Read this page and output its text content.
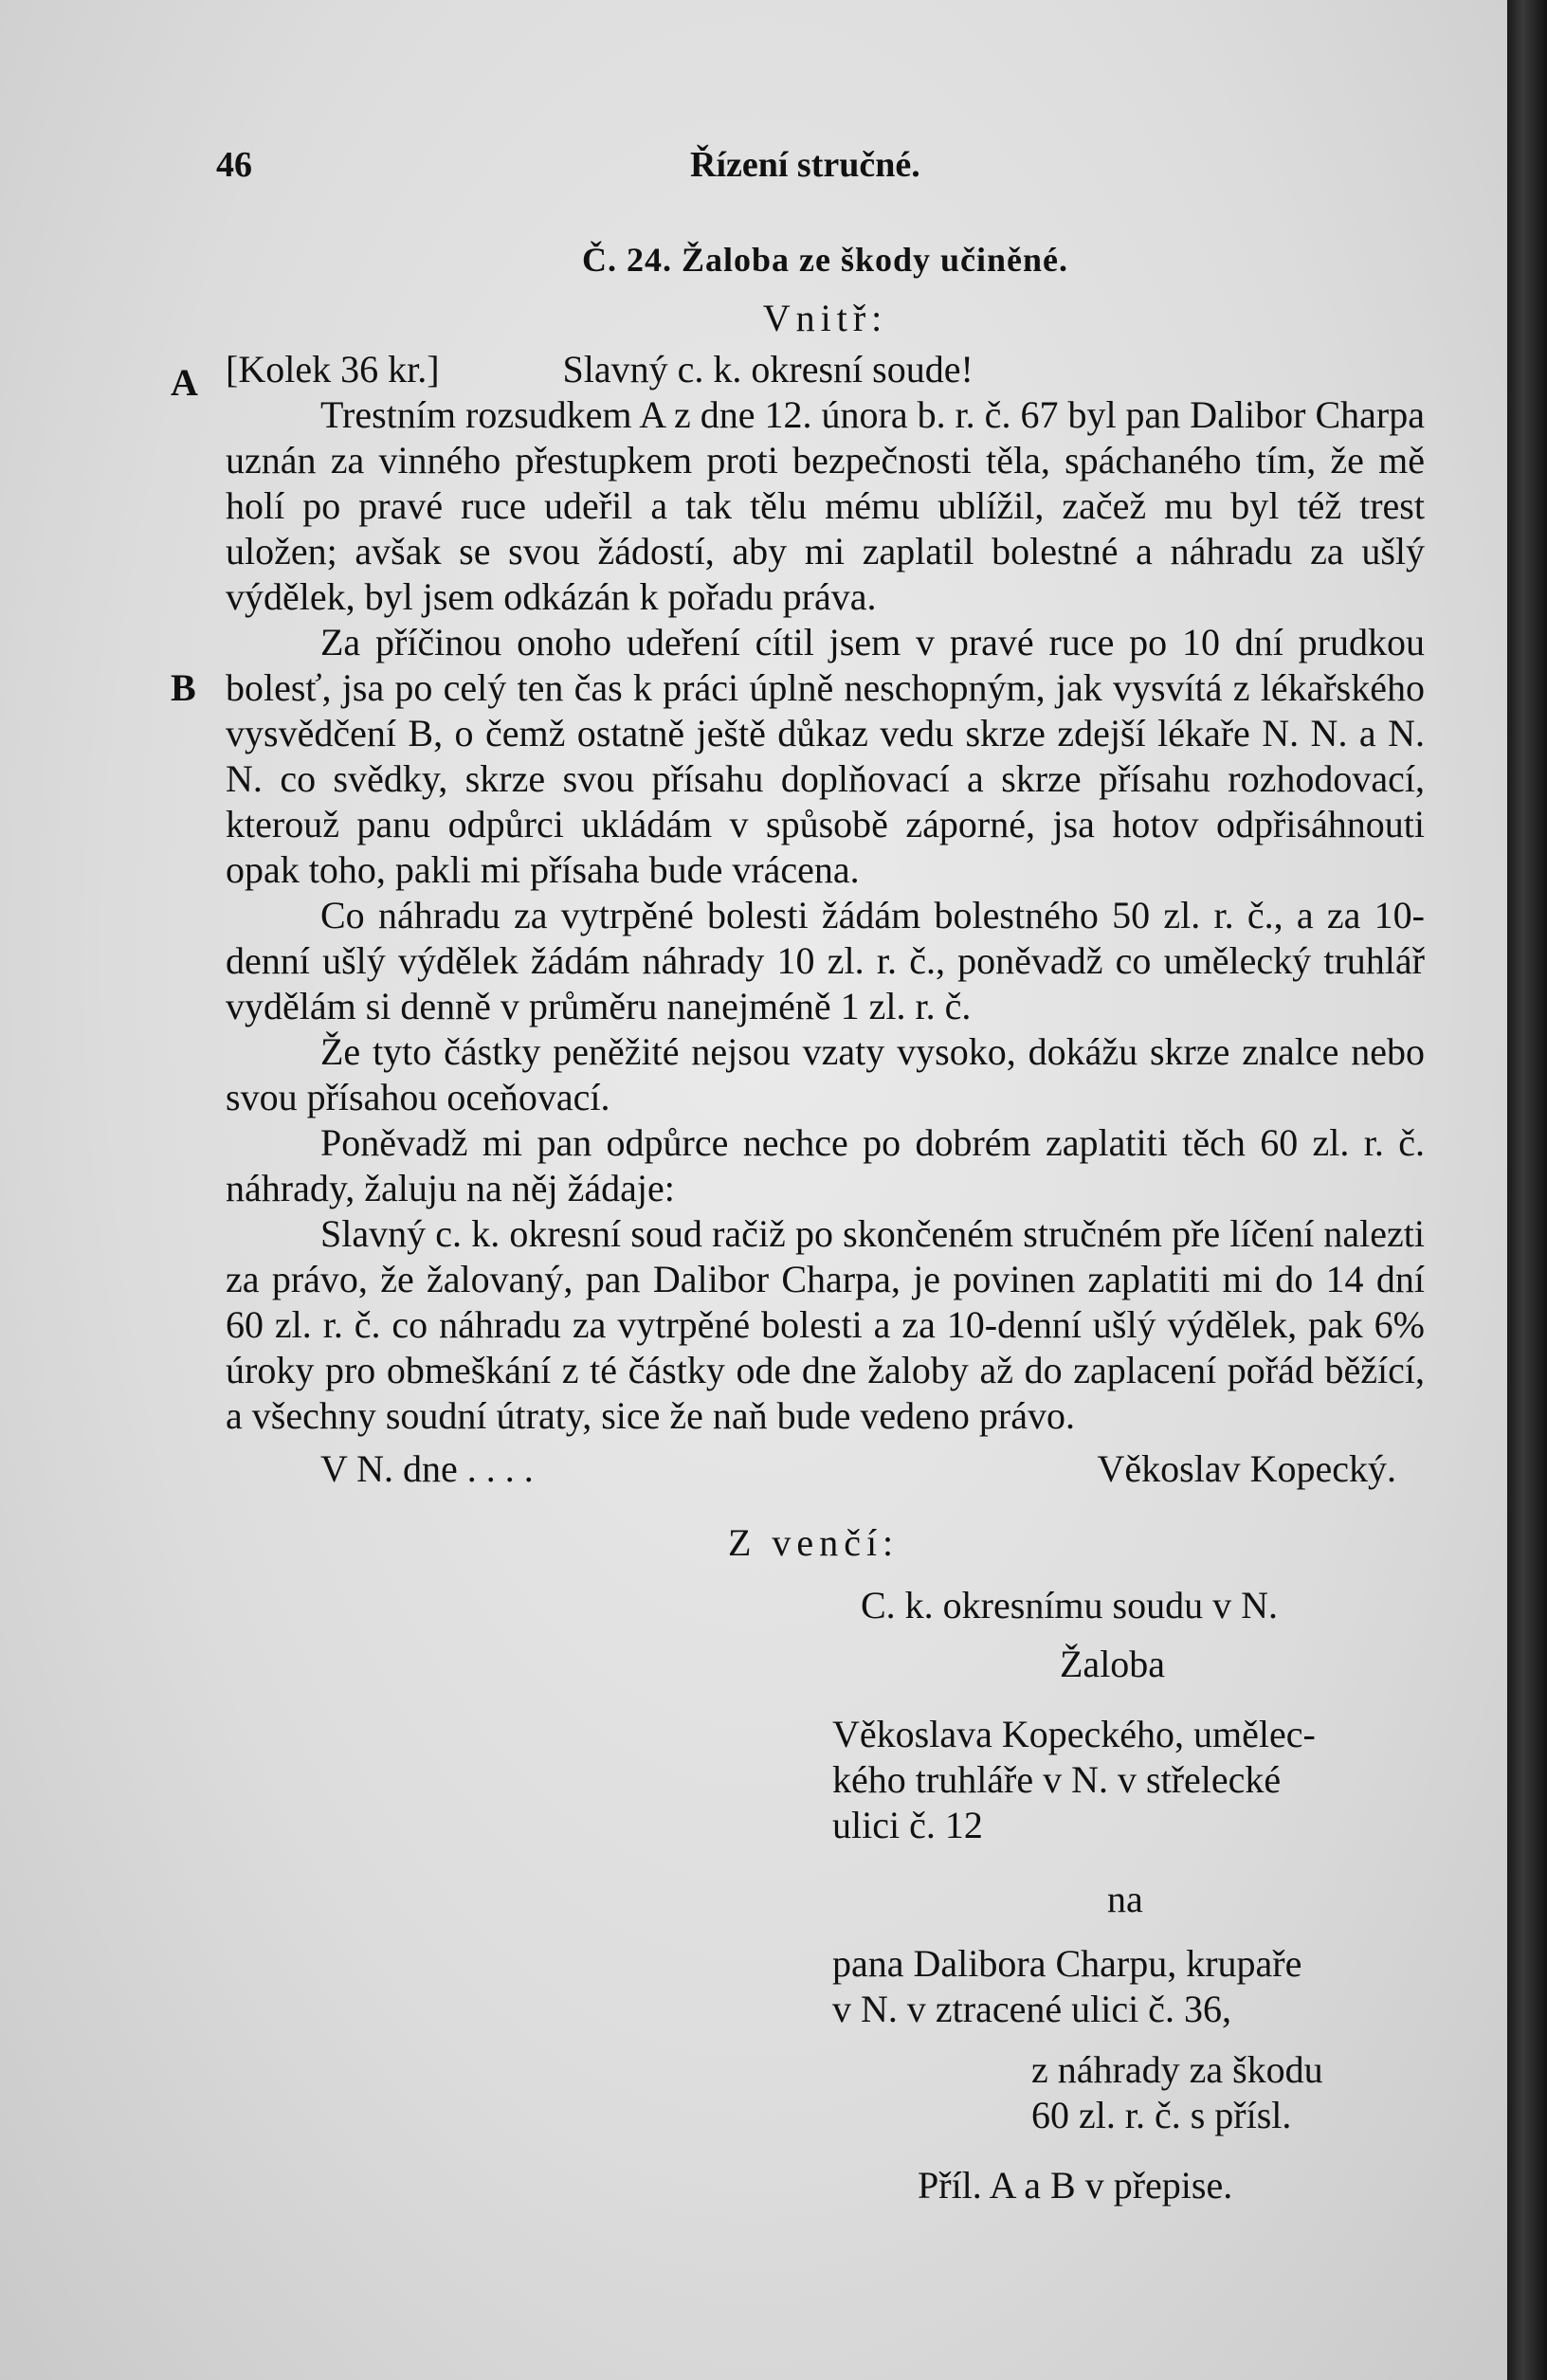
46	Řízení stručné.
Č. 24. Žaloba ze škody učiněné.
Vnitř:
A [Kolek 36 kr.]	Slavný c. k. okresní soude!

Trestním rozsudkem A z dne 12. února b. r. č. 67 byl pan Dalibor Charpa uznán za vinného přestupkem proti bezpečnosti těla, spáchaného tím, že mě holí po pravé ruce udeřil a tak tělu mému ublížil, začež mu byl též trest uložen; avšak se svou žádostí, aby mi zaplatil bolestné a náhradu za ušlý výdělek, byl jsem odkázán k pořadu práva.

B

Za příčinou onoho udeření cítil jsem v pravé ruce po 10 dní prudkou bolesť, jsa po celý ten čas k práci úplně neschopným, jak vysvítá z lékařského vysvědčení B, o čemž ostatně ještě důkaz vedu skrze zdejší lékaře N. N. a N. N. co svědky, skrze svou přísahu doplňovací a skrze přísahu rozhodovací, kterouž panu odpůrci ukládám v spůsobě záporné, jsa hotov odpřisáhnouti opak toho, pakli mi přísaha bude vrácena.

Co náhradu za vytrpěné bolesti žádám bolestného 50 zl. r. č., a za 10-denní ušlý výdělek žádám náhrady 10 zl. r. č., poněvadž co umělecký truhlář vydělám si denně v průměru nanejméně 1 zl. r. č.

Že tyto částky peněžité nejsou vzaty vysoko, dokážu skrze znalce nebo svou přísahou oceňovací.

Poněvadž mi pan odpůrce nechce po dobrém zaplatiti těch 60 zl. r. č. náhrady, žaluju na něj žádaje:

Slavný c. k. okresní soud račiž po skončeném stručném pře líčení nalezti za právo, že žalovaný, pan Dalibor Charpa, je povinen zaplatiti mi do 14 dní 60 zl. r. č. co náhradu za vytrpěné bolesti a za 10-denní ušlý výdělek, pak 6% úroky pro obmeškání z té částky ode dne žaloby až do zaplacení pořád běžící, a všechny soudní útraty, sice že naň bude vedeno právo.

V N. dne . . . .	Věkoslav Kopecký.
Z venčí:
C. k. okresnímu soudu v N.
Žaloba
Věkoslava Kopeckého, umělec-
kého truhláře v N. v střelecké
ulici č. 12
na
pana Dalibora Charpu, krupaře
v N. v ztracené ulici č. 36,
z náhrady za škodu
60 zl. r. č. s přísl.
Příl. A a B v přepise.
